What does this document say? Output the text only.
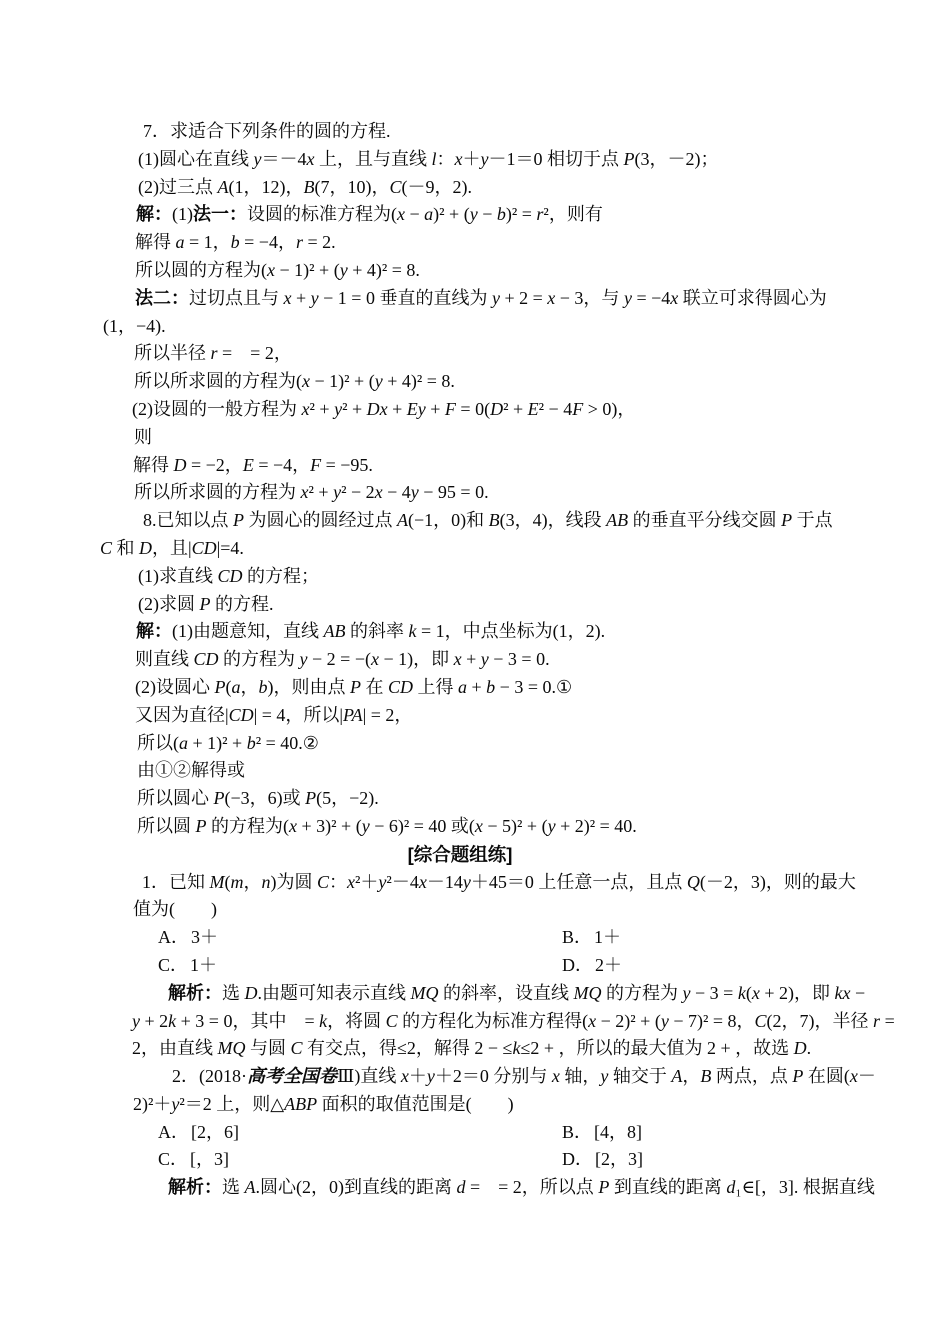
7．求适合下列条件的圆的方程.
(1)圆心在直线 y＝－4x 上，且与直线 l：x＋y－1＝0 相切于点 P(3，－2)；
(2)过三点 A(1，12)，B(7，10)，C(－9，2).
解：(1)法一：设圆的标准方程为(x − a)² + (y − b)² = r²，则有
解得 a = 1，b = −4，r = 2.
所以圆的方程为(x − 1)² + (y + 4)² = 8.
法二：过切点且与 x + y − 1 = 0 垂直的直线为 y + 2 = x − 3，与 y = −4x 联立可求得圆心为
(1，−4).
所以半径 r =　= 2，
所以所求圆的方程为(x − 1)² + (y + 4)² = 8.
(2)设圆的一般方程为 x² + y² + Dx + Ey + F = 0(D² + E² − 4F > 0)，
则
解得 D = −2，E = −4，F = −95.
所以所求圆的方程为 x² + y² − 2x − 4y − 95 = 0.
8.已知以点 P 为圆心的圆经过点 A(−1，0)和 B(3，4)，线段 AB 的垂直平分线交圆 P 于点
C 和 D，且|CD|=4.
(1)求直线 CD 的方程；
(2)求圆 P 的方程.
解：(1)由题意知，直线 AB 的斜率 k = 1，中点坐标为(1，2).
则直线 CD 的方程为 y − 2 = −(x − 1)，即 x + y − 3 = 0.
(2)设圆心 P(a，b)，则由点 P 在 CD 上得 a + b − 3 = 0.①
又因为直径|CD| = 4，所以|PA| = 2，
所以(a + 1)² + b² = 40.②
由①②解得或
所以圆心 P(−3，6)或 P(5，−2).
所以圆 P 的方程为(x + 3)² + (y − 6)² = 40 或(x − 5)² + (y + 2)² = 40.
[综合题组练]
1．已知 M(m，n)为圆 C：x²＋y²－4x－14y＋45＝0 上任意一点，且点 Q(－2，3)，则的最大
值为(　　)
A． 3＋	B． 1＋
C． 1＋	D． 2＋
解析：选 D.由题可知表示直线 MQ 的斜率，设直线 MQ 的方程为 y − 3 = k(x + 2)，即 kx −
y + 2k + 3 = 0，其中　= k，将圆 C 的方程化为标准方程得(x − 2)² + (y − 7)² = 8，C(2，7)，半径 r =
2，由直线 MQ 与圆 C 有交点，得≤2，解得 2 − ≤k≤2 + ，所以的最大值为 2 + ，故选 D.
2．(2018·高考全国卷Ⅲ)直线 x＋y＋2＝0 分别与 x 轴，y 轴交于 A，B 两点，点 P 在圆(x－
2)²＋y²＝2 上，则△ABP 面积的取值范围是(　　)
A． [2，6]	B． [4，8]
C． [，3]	D． [2，3]
解析：选 A.圆心(2，0)到直线的距离 d =　= 2，所以点 P 到直线的距离 d₁∈[，3]. 根据直线
